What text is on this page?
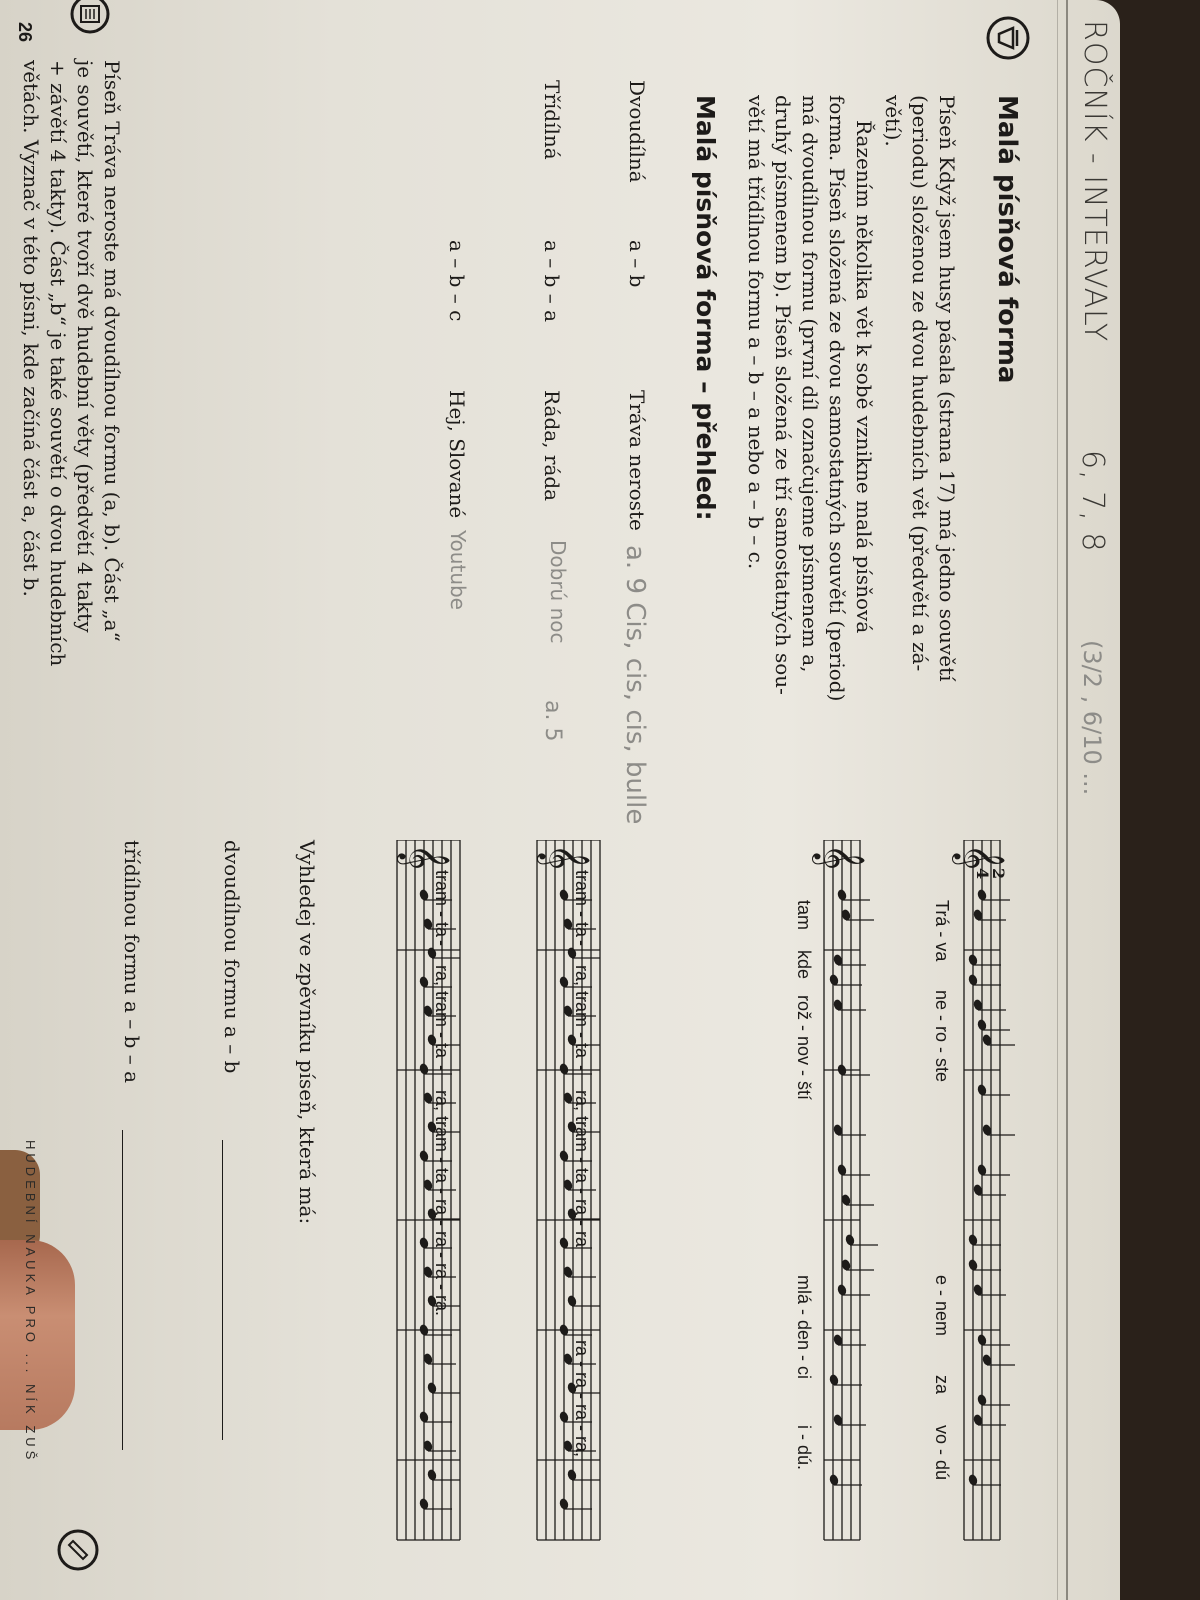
ROČNÍK - INTERVALY
6, 7, 8
(3/2 , 6/10 ...
Malá písňová forma
Píseň Když jsem husy pásala (strana 17) má jedno souvětí
(periodu) složenou ze dvou hudebních vět (předvětí a zá-
větí).
Řazením několika vět k sobě vznikne malá písňová
forma. Píseň složená ze dvou samostatných souvětí (period)
má dvoudílnou formu (první díl označujeme písmenem a,
druhý písmenem b). Píseň složená ze tří samostatných sou-
větí má třídílnou formu a – b – a nebo a – b – c.
Malá písňová forma – přehled:
Dvoudílná
a – b
Tráva neroste
a. 9 Cis, cis, cis, bulle
Třídílná
a – b – a
Ráda, ráda
Dobrú noc
a. 5
a – b – c
Hej, Slované
Youtube
𝄞
𝄞
𝄞
𝄞
2
4
Trá - va
ne - ro - ste
e - nem
za
vo - dú
tam
kde
rož - nov - ští
mlá - den - ci
i - dú.
tram - ta
-
ra, tram - ta
-
ra, tram - ta - ra - ra
ra - ra - ra - ra,
tram - ta
-
ra, tram - ta
-
ra, tram - ta - ra - ra - ra - ra.
Vyhledej ve zpěvníku píseň, která má:
dvoudílnou formu a – b
třídílnou formu a – b – a
Píseň Tráva neroste má dvoudílnou formu (a, b). Část „a“
je souvětí, které tvoří dvě hudební věty (předvětí 4 takty
+ závětí 4 takty). Část „b“ je také souvětí o dvou hudebních
větách. Vyznač v této písni, kde začíná část a, část b.
HUDEBNÍ NAUKA PRO ... NÍK ZUŠ
26
